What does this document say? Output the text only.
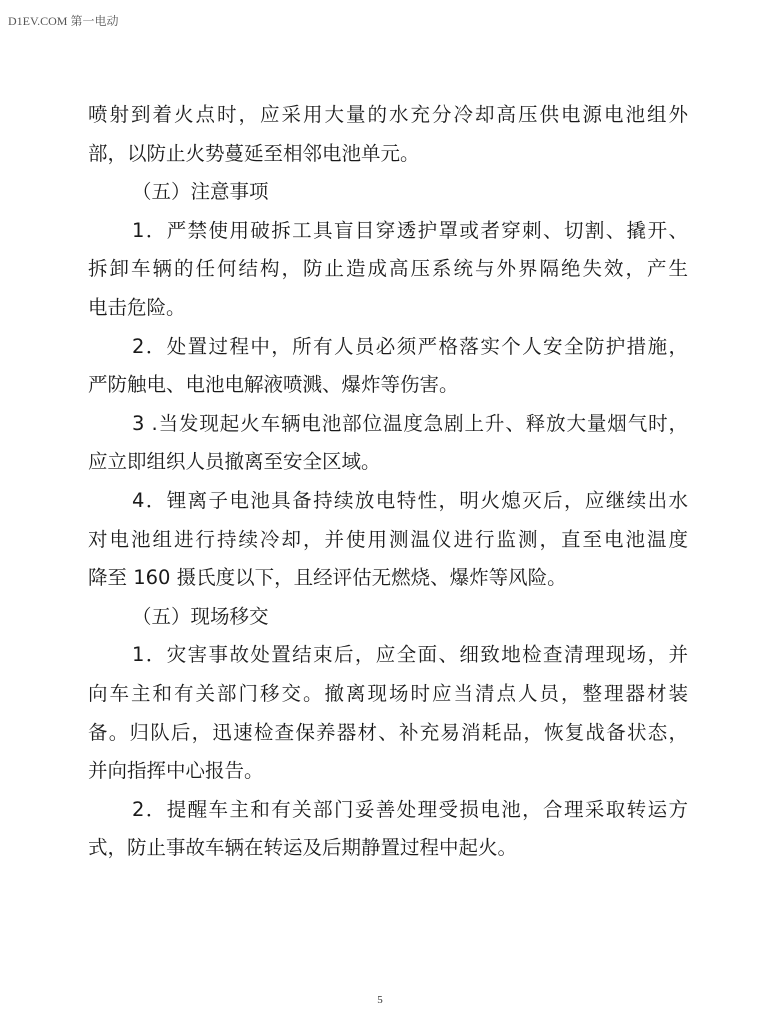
D1EV.COM 第一电动
喷射到着火点时，应采用大量的水充分冷却高压供电源电池组外
部，以防止火势蔓延至相邻电池单元。
（五）注意事项
1．严禁使用破拆工具盲目穿透护罩或者穿刺、切割、撬开、
拆卸车辆的任何结构，防止造成高压系统与外界隔绝失效，产生
电击危险。
2．处置过程中，所有人员必须严格落实个人安全防护措施，
严防触电、电池电解液喷溅、爆炸等伤害。
3 .当发现起火车辆电池部位温度急剧上升、释放大量烟气时，
应立即组织人员撤离至安全区域。
4．锂离子电池具备持续放电特性，明火熄灭后，应继续出水
对电池组进行持续冷却，并使用测温仪进行监测，直至电池温度
降至 160 摄氏度以下，且经评估无燃烧、爆炸等风险。
（五）现场移交
1．灾害事故处置结束后，应全面、细致地检查清理现场，并
向车主和有关部门移交。撤离现场时应当清点人员，整理器材装
备。归队后，迅速检查保养器材、补充易消耗品，恢复战备状态，
并向指挥中心报告。
2．提醒车主和有关部门妥善处理受损电池，合理采取转运方
式，防止事故车辆在转运及后期静置过程中起火。
5
